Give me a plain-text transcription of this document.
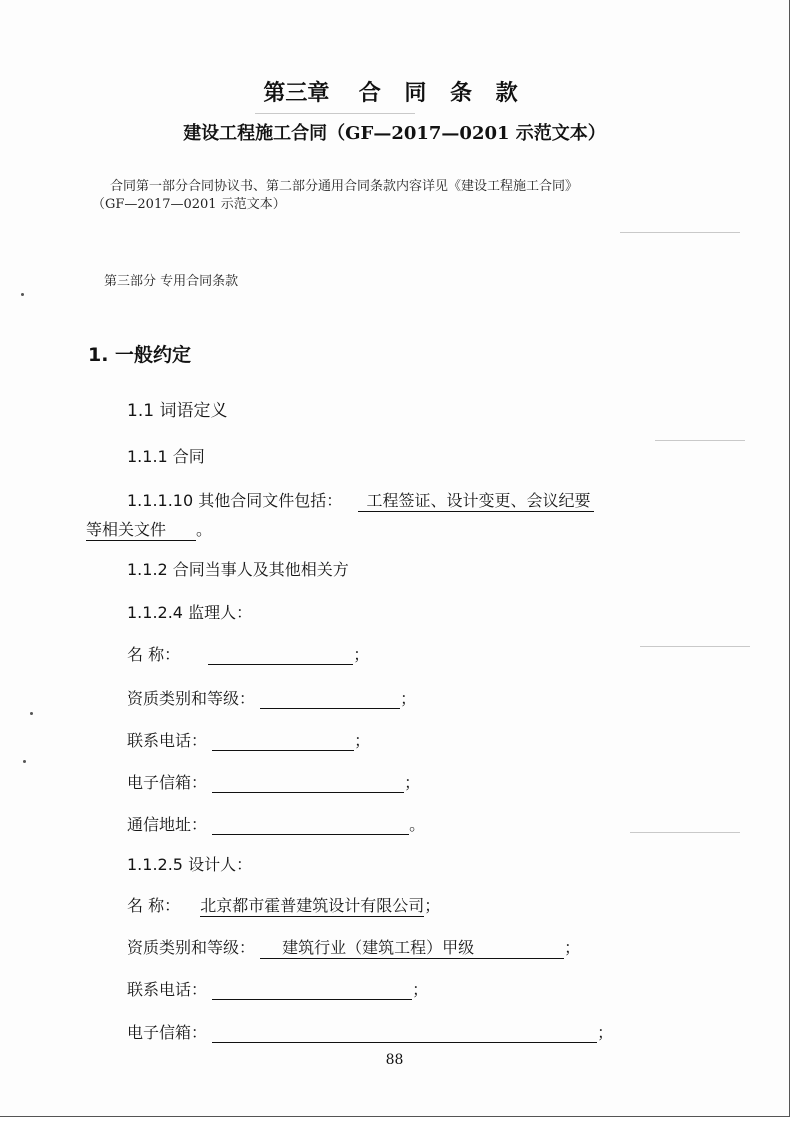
第三章 合 同 条 款
建设工程施工合同（GF—2017—0201 示范文本）
合同第一部分合同协议书、第二部分通用合同条款内容详见《建设工程施工合同》
（GF—2017—0201 示范文本）
第三部分 专用合同条款
1. 一般约定
1.1 词语定义
1.1.1 合同
1.1.1.10 其他合同文件包括： 工程签证、设计变更、会议纪要
等相关文件 。
1.1.2 合同当事人及其他相关方
1.1.2.4 监理人：
名 称：	；
资质类别和等级：	；
联系电话：	；
电子信箱：	；
通信地址：	。
1.1.2.5 设计人：
名 称： 北京都市霍普建筑设计有限公司；
资质类别和等级： 建筑行业（建筑工程）甲级	；
联系电话：	；
电子信箱：	；
88
